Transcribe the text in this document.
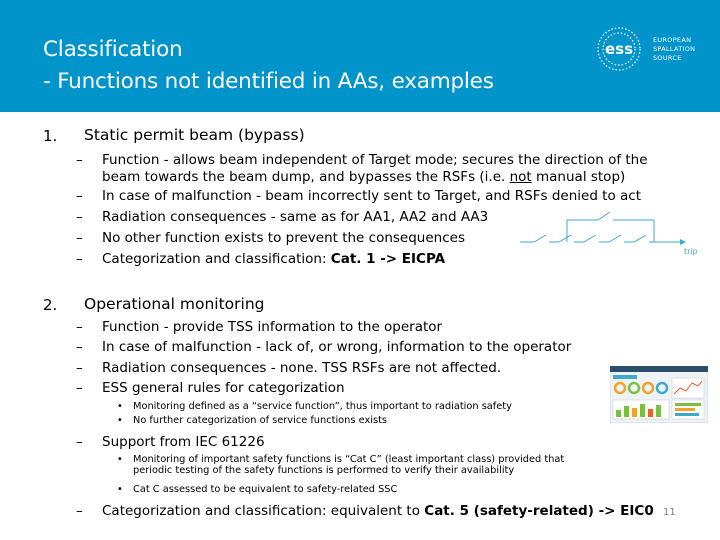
Classification
- Functions not identified in AAs, examples
ess	EUROPEAN
SPALLATION
SOURCE
1. Static permit beam (bypass)
– Function - allows beam independent of Target mode; secures the direction of the
beam towards the beam dump, and bypasses the RSFs (i.e. not manual stop)
– In case of malfunction - beam incorrectly sent to Target, and RSFs denied to act
– Radiation consequences - same as for AA1, AA2 and AA3
– No other function exists to prevent the consequences
– Categorization and classification: Cat. 1 -> EICPA	trip
2. Operational monitoring
– Function - provide TSS information to the operator
– In case of malfunction - lack of, or wrong, information to the operator
– Radiation consequences - none. TSS RSFs are not affected.
– ESS general rules for categorization
• Monitoring defined as a “service function”, thus important to radiation safety
• No further categorization of service functions exists
– Support from IEC 61226
• Monitoring of important safety functions is “Cat C” (least important class) provided that
periodic testing of the safety functions is performed to verify their availability
• Cat C assessed to be equivalent to safety-related SSC
– Categorization and classification: equivalent to Cat. 5 (safety-related) -> EIC0 11
